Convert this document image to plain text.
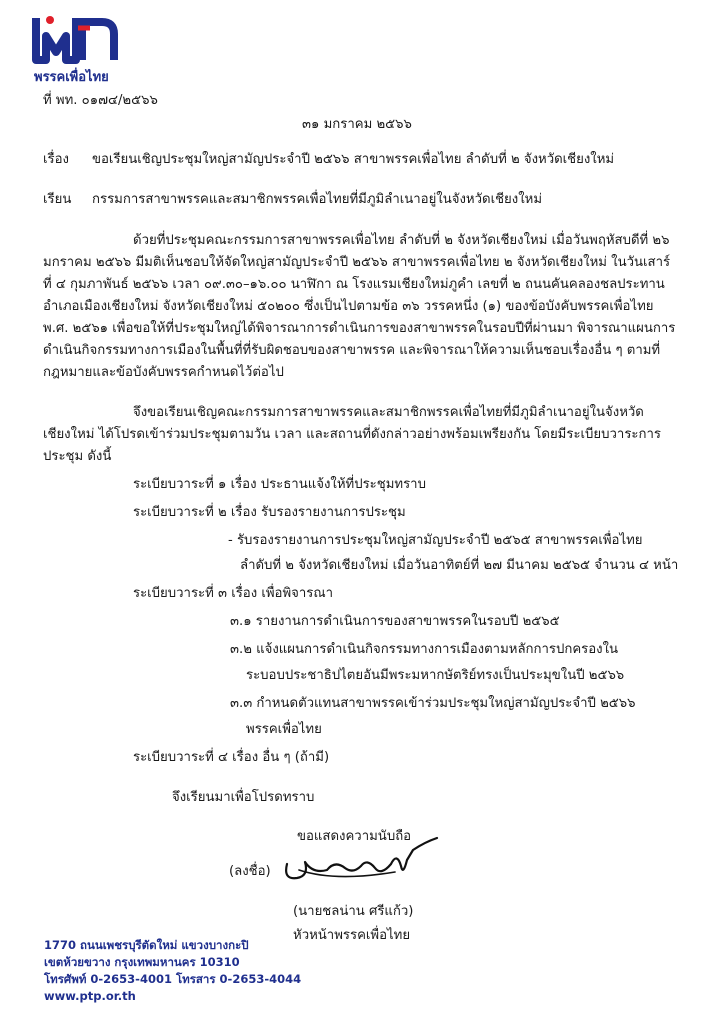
พรรคเพื่อไทย
ที่ พท. ๐๑๗๔/๒๕๖๖
๓๑ มกราคม ๒๕๖๖
เรื่อง ขอเรียนเชิญประชุมใหญ่สามัญประจำปี ๒๕๖๖ สาขาพรรคเพื่อไทย ลำดับที่ ๒ จังหวัดเชียงใหม่
เรียน กรรมการสาขาพรรคและสมาชิกพรรคเพื่อไทยที่มีภูมิลำเนาอยู่ในจังหวัดเชียงใหม่
ด้วยที่ประชุมคณะกรรมการสาขาพรรคเพื่อไทย ลำดับที่ ๒ จังหวัดเชียงใหม่ เมื่อวันพฤหัสบดีที่ ๒๖
มกราคม ๒๕๖๖ มีมติเห็นชอบให้จัดใหญ่สามัญประจำปี ๒๕๖๖ สาขาพรรคเพื่อไทย ๒ จังหวัดเชียงใหม่ ในวันเสาร์
ที่ ๔ กุมภาพันธ์ ๒๕๖๖ เวลา ๐๙.๓๐–๑๖.๐๐ นาฬิกา ณ โรงแรมเชียงใหม่ภูคำ เลขที่ ๒ ถนนคันคลองชลประทาน
อำเภอเมืองเชียงใหม่ จังหวัดเชียงใหม่ ๕๐๒๐๐ ซึ่งเป็นไปตามข้อ ๓๖ วรรคหนึ่ง (๑) ของข้อบังคับพรรคเพื่อไทย
พ.ศ. ๒๕๖๑ เพื่อขอให้ที่ประชุมใหญ่ได้พิจารณาการดำเนินการของสาขาพรรคในรอบปีที่ผ่านมา พิจารณาแผนการ
ดำเนินกิจกรรมทางการเมืองในพื้นที่ที่รับผิดชอบของสาขาพรรค และพิจารณาให้ความเห็นชอบเรื่องอื่น ๆ ตามที่
กฎหมายและข้อบังคับพรรคกำหนดไว้ต่อไป
จึงขอเรียนเชิญคณะกรรมการสาขาพรรคและสมาชิกพรรคเพื่อไทยที่มีภูมิลำเนาอยู่ในจังหวัด
เชียงใหม่ ได้โปรดเข้าร่วมประชุมตามวัน เวลา และสถานที่ดังกล่าวอย่างพร้อมเพรียงกัน โดยมีระเบียบวาระการ
ประชุม ดังนี้
ระเบียบวาระที่ ๑ เรื่อง ประธานแจ้งให้ที่ประชุมทราบ
ระเบียบวาระที่ ๒ เรื่อง รับรองรายงานการประชุม
- รับรองรายงานการประชุมใหญ่สามัญประจำปี ๒๕๖๕ สาขาพรรคเพื่อไทย
ลำดับที่ ๒ จังหวัดเชียงใหม่ เมื่อวันอาทิตย์ที่ ๒๗ มีนาคม ๒๕๖๕ จำนวน ๔ หน้า
ระเบียบวาระที่ ๓ เรื่อง เพื่อพิจารณา
๓.๑ รายงานการดำเนินการของสาขาพรรคในรอบปี ๒๕๖๕
๓.๒ แจ้งแผนการดำเนินกิจกรรมทางการเมืองตามหลักการปกครองใน
ระบอบประชาธิปไตยอันมีพระมหากษัตริย์ทรงเป็นประมุขในปี ๒๕๖๖
๓.๓ กำหนดตัวแทนสาขาพรรคเข้าร่วมประชุมใหญ่สามัญประจำปี ๒๕๖๖
พรรคเพื่อไทย
ระเบียบวาระที่ ๔ เรื่อง อื่น ๆ (ถ้ามี)
จึงเรียนมาเพื่อโปรดทราบ
ขอแสดงความนับถือ
(ลงชื่อ)
(นายชลน่าน ศรีแก้ว)
หัวหน้าพรรคเพื่อไทย
1770 ถนนเพชรบุรีตัดใหม่ แขวงบางกะปิ
เขตห้วยขวาง กรุงเทพมหานคร 10310
โทรศัพท์ 0-2653-4001 โทรสาร 0-2653-4044
www.ptp.or.th
